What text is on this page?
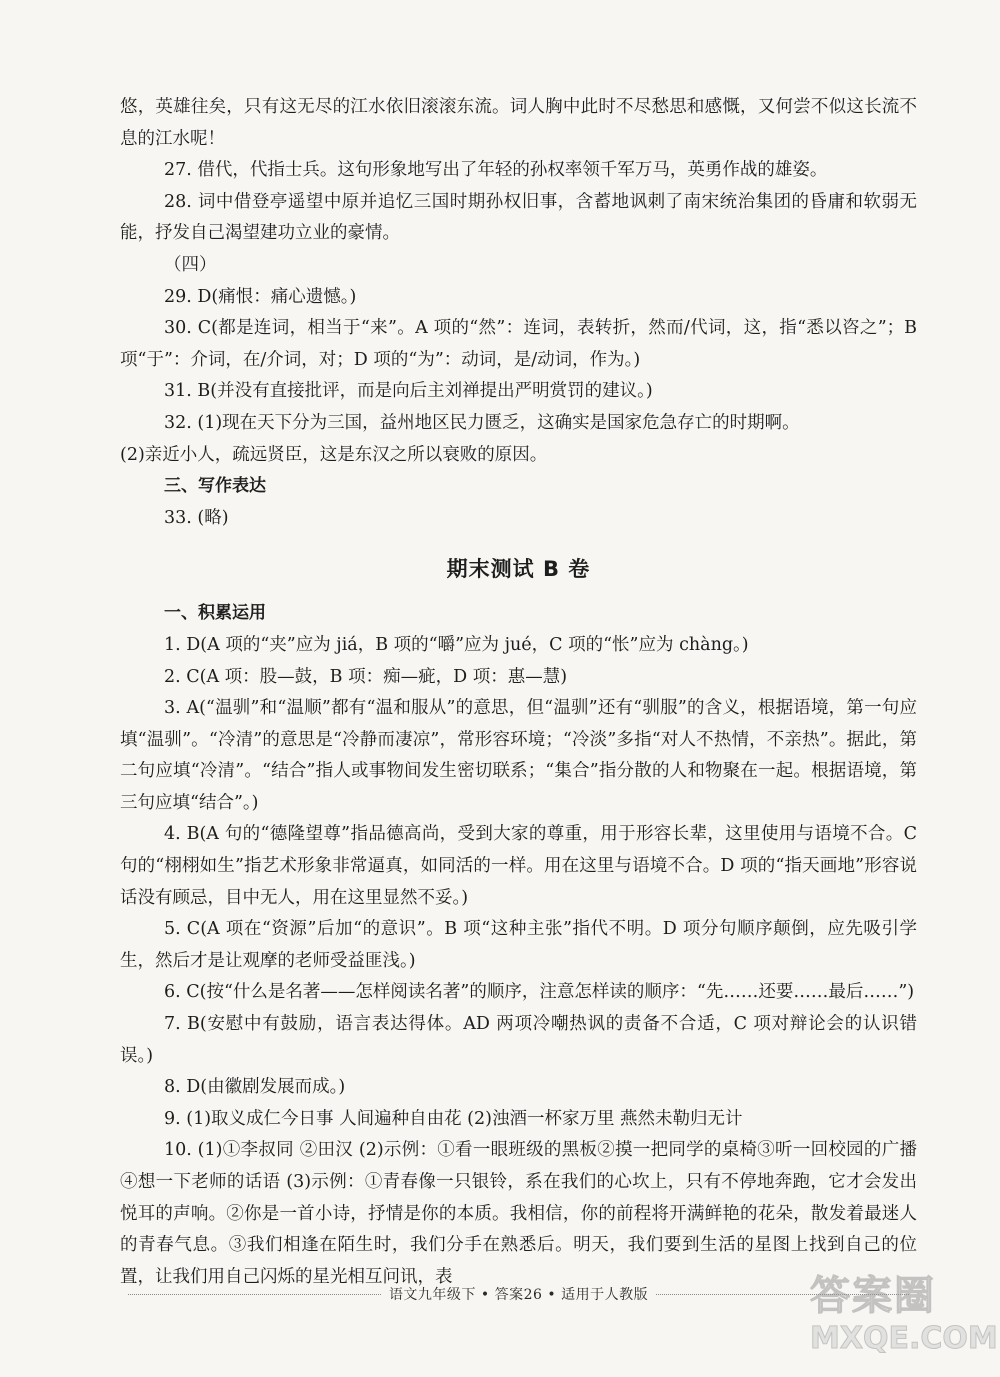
悠，英雄往矣，只有这无尽的江水依旧滚滚东流。词人胸中此时不尽愁思和感慨，又何尝不似这长流不息的江水呢！

27. 借代，代指士兵。这句形象地写出了年轻的孙权率领千军万马，英勇作战的雄姿。

28. 词中借登亭遥望中原并追忆三国时期孙权旧事，含蓄地讽刺了南宋统治集团的昏庸和软弱无能，抒发自己渴望建功立业的豪情。

（四）

29. D(痛恨：痛心遗憾。)

30. C(都是连词，相当于“来”。A 项的“然”：连词，表转折，然而/代词，这，指“悉以咨之”；B 项“于”：介词，在/介词，对；D 项的“为”：动词，是/动词，作为。)

31. B(并没有直接批评，而是向后主刘禅提出严明赏罚的建议。)

32. (1)现在天下分为三国，益州地区民力匮乏，这确实是国家危急存亡的时期啊。

(2)亲近小人，疏远贤臣，这是东汉之所以衰败的原因。

三、写作表达

33. (略)

期末测试 B 卷

一、积累运用

1. D(A 项的“夹”应为 jiá，B 项的“嚼”应为 jué，C 项的“怅”应为 chàng。)

2. C(A 项：股—鼓，B 项：痴—疵，D 项：惠—慧)

3. A(“温驯”和“温顺”都有“温和服从”的意思，但“温驯”还有“驯服”的含义，根据语境，第一句应填“温驯”。“冷清”的意思是“冷静而凄凉”，常形容环境；“冷淡”多指“对人不热情，不亲热”。据此，第二句应填“冷清”。“结合”指人或事物间发生密切联系；“集合”指分散的人和物聚在一起。根据语境，第三句应填“结合”。)

4. B(A 句的“德隆望尊”指品德高尚，受到大家的尊重，用于形容长辈，这里使用与语境不合。C 句的“栩栩如生”指艺术形象非常逼真，如同活的一样。用在这里与语境不合。D 项的“指天画地”形容说话没有顾忌，目中无人，用在这里显然不妥。)

5. C(A 项在“资源”后加“的意识”。B 项“这种主张”指代不明。D 项分句顺序颠倒，应先吸引学生，然后才是让观摩的老师受益匪浅。)

6. C(按“什么是名著——怎样阅读名著”的顺序，注意怎样读的顺序：“先……还要……最后……”)

7. B(安慰中有鼓励，语言表达得体。AD 两项冷嘲热讽的责备不合适，C 项对辩论会的认识错误。)

8. D(由徽剧发展而成。)

9. (1)取义成仁今日事 人间遍种自由花 (2)浊酒一杯家万里 燕然未勒归无计

10. (1)①李叔同 ②田汉 (2)示例：①看一眼班级的黑板②摸一把同学的桌椅③听一回校园的广播④想一下老师的话语 (3)示例：①青春像一只银铃，系在我们的心坎上，只有不停地奔跑，它才会发出悦耳的声响。②你是一首小诗，抒情是你的本质。我相信，你的前程将开满鲜艳的花朵，散发着最迷人的青春气息。③我们相逢在陌生时，我们分手在熟悉后。明天，我们要到生活的星图上找到自己的位置，让我们用自己闪烁的星光相互问讯，表

语文九年级下 • 答案26 • 适用于人教版	答案圈
MXQE.COM
